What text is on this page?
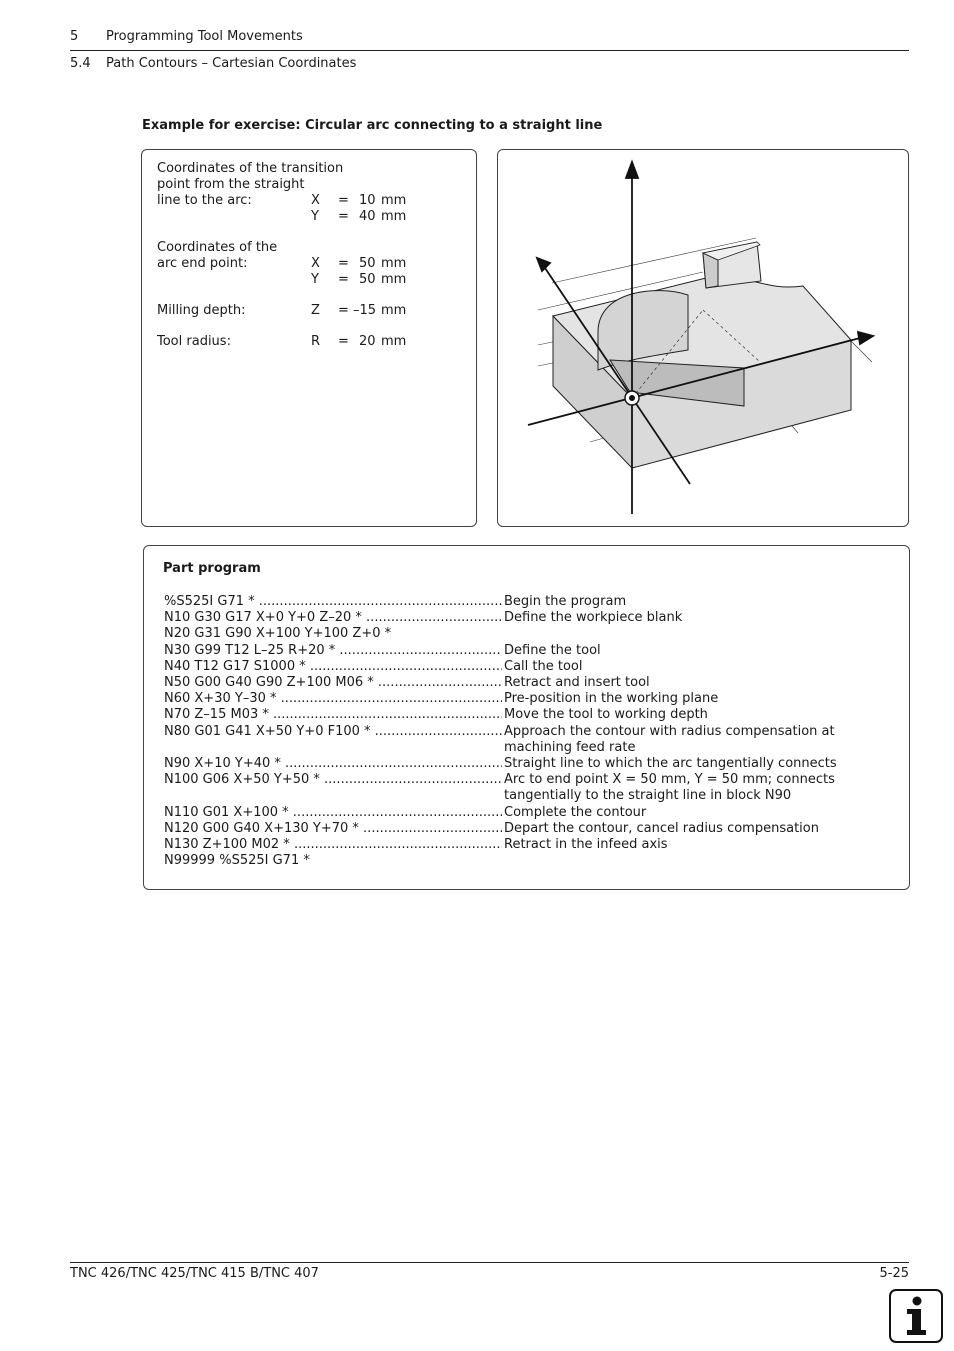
5 Programming Tool Movements
5.4 Path Contours – Cartesian Coordinates
Example for exercise: Circular arc connecting to a straight line
Coordinates of the transition
point from the straight
line to the arc:	X = 10 mm
Y = 40 mm
Coordinates of the
arc end point:	X = 50 mm
Y = 50 mm
Milling depth:	Z = –15 mm
Tool radius:	R = 20 mm
Part program
%S525I G71 * .....	Begin the program
N10 G30 G17 X+0 Y+0 Z–20 * .....	Define the workpiece blank
N20 G31 G90 X+100 Y+100 Z+0 *
N30 G99 T12 L–25 R+20 * .....	Define the tool
N40 T12 G17 S1000 * .....	Call the tool
N50 G00 G40 G90 Z+100 M06 * .....	Retract and insert tool
N60 X+30 Y–30 * .....	Pre-position in the working plane
N70 Z–15 M03 * .....	Move the tool to working depth
N80 G01 G41 X+50 Y+0 F100 * .....	Approach the contour with radius compensation at machining feed rate
N90 X+10 Y+40 * .....	Straight line to which the arc tangentially connects
N100 G06 X+50 Y+50 * .....	Arc to end point X = 50 mm, Y = 50 mm; connects tangentially to the straight line in block N90
N110 G01 X+100 * .....	Complete the contour
N120 G00 G40 X+130 Y+70 * .....	Depart the contour, cancel radius compensation
N130 Z+100 M02 * .....	Retract in the infeed axis
N99999 %S525I G71 *
TNC 426/TNC 425/TNC 415 B/TNC 407	5-25
